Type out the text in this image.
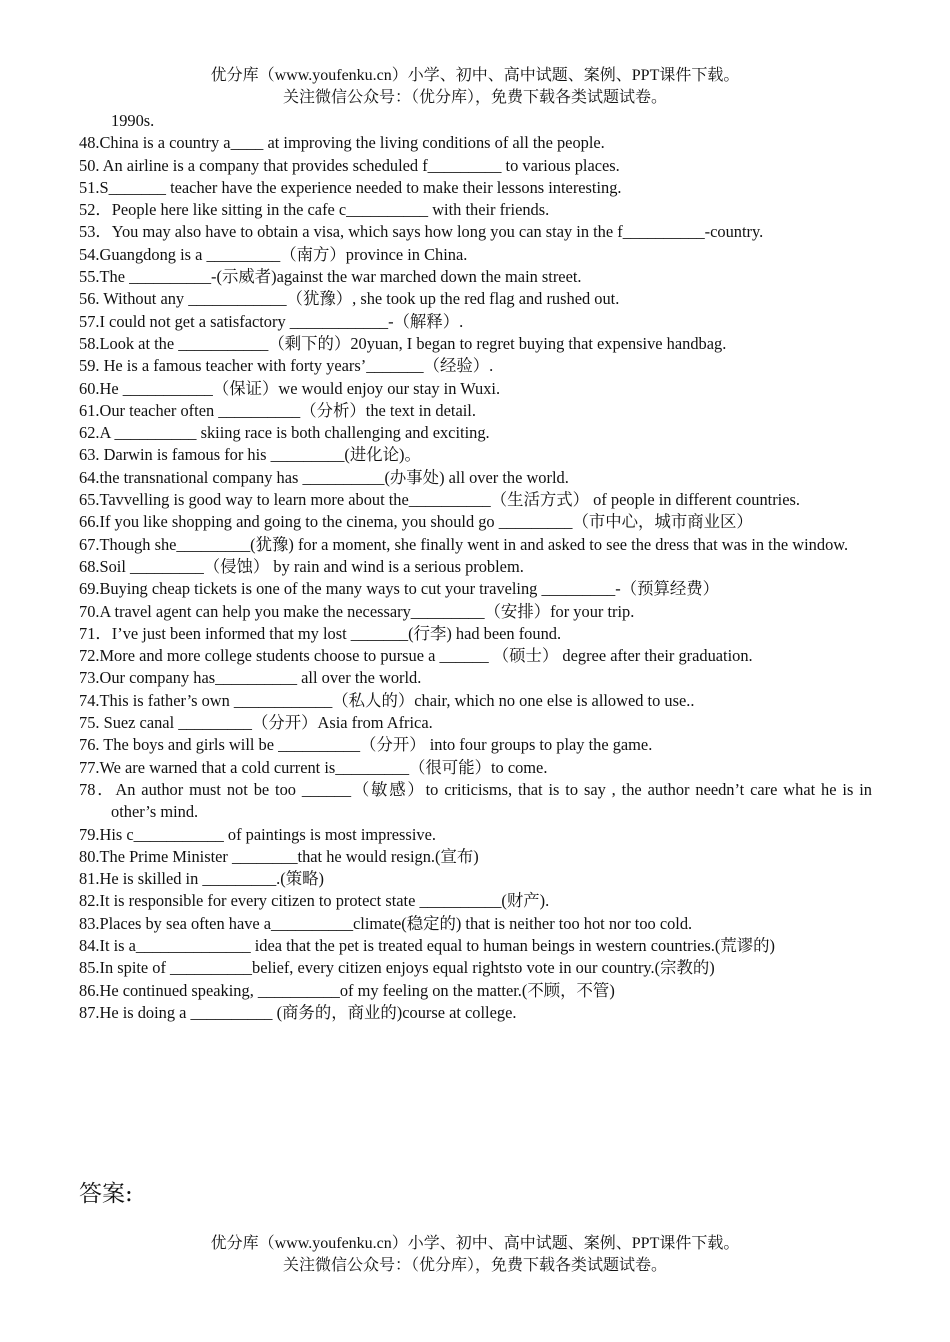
优分库（www.youfenku.cn）小学、初中、高中试题、案例、PPT课件下载。
关注微信公众号：（优分库），免费下载各类试题试卷。

1990s.

48.China is a country a____ at improving the living conditions of all the people.

50. An airline is a company that provides scheduled f_________ to various places.

51.S_______ teacher have the experience needed to make their lessons interesting.

52．People here like sitting in the cafe c__________ with their friends.

53．You may also have to obtain a visa, which says how long you can stay in the f__________-country.

54.Guangdong is a _________（南方）province in China.

55.The __________-(示威者)against the war marched down the main street.

56. Without any ____________（犹豫）, she took up the red flag and rushed out.

57.I could not get a satisfactory ____________-（解释）.

58.Look at the ___________（剩下的）20yuan, I began to regret buying that expensive handbag.

59. He is a famous teacher with forty years’_______（经验）.

60.He ___________（保证）we would enjoy our stay in Wuxi.

61.Our teacher often __________（分析）the text in detail.

62.A __________ skiing race is both challenging and exciting.

63. Darwin is famous for his _________(进化论)。

64.the transnational company has __________(办事处) all over the world.

65.Tavvelling is good way to learn more about the__________（生活方式） of people in different countries.

66.If you like shopping and going to the cinema, you should go _________（市中心，城市商业区）

67.Though she_________(犹豫) for a moment, she finally went in and asked to see the dress that was in the window.

68.Soil _________（侵蚀） by rain and wind is a serious problem.

69.Buying cheap tickets is one of the many ways to cut your traveling _________-（预算经费）

70.A travel agent can help you make the necessary_________（安排）for your trip.

71．I’ve just been informed that my lost _______(行李) had been found.

72.More and more college students choose to pursue a ______ （硕士） degree after their graduation.

73.Our company has__________ all over the world.

74.This is father’s own ____________（私人的）chair, which no one else is allowed to use..

75. Suez canal _________（分开）Asia from Africa.

76. The boys and girls will be __________（分开） into four groups to play the game.

77.We are warned that a cold current is_________（很可能）to come.

78．An author must not be too ______（敏感）to criticisms, that is to say , the author needn’t care what he is in other’s mind.

79.His c___________ of paintings is most impressive.

80.The Prime Minister ________that he would resign.(宣布)

81.He is skilled in _________.(策略)

82.It is responsible for every citizen to protect state __________(财产).

83.Places by sea often have a__________climate(稳定的) that is neither too hot nor too cold.

84.It is a______________ idea that the pet is treated equal to human beings in western countries.(荒谬的)

85.In spite of __________belief, every citizen enjoys equal rightsto vote in our country.(宗教的)

86.He continued speaking, __________of my feeling on the matter.(不顾，不管)

87.He is doing a __________ (商务的，商业的)course at college.

答案:
优分库（www.youfenku.cn）小学、初中、高中试题、案例、PPT课件下载。
关注微信公众号：（优分库），免费下载各类试题试卷。
